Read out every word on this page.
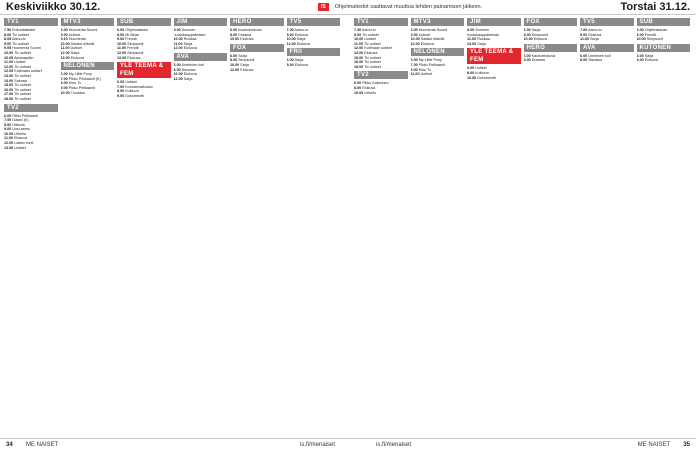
Keskiviikko 30.12.	IS	Ohjelmatiedot saattavat muuttua lehden painamisen jälkeen.	Torstai 31.12.
TV1
7.50 Erikoislääkärit
8.00 Tiv uutiset
8.05 Aamu-tv
9.00 Tiv uutiset
9.05 Huomenta Suomi
10.00 Tiv uutiset
10.05 Aamusydän
11.00 Uutiset
12.00 Tiv uutiset
12.05 Kotimaan uutiset
13.00 Tiv uutiset
14.00 Saimaa
15.00 Tiv uutiset
16.00 Tiv uutiset
17.00 Tiv uutiset
18.00 Tiv uutiset
TV2
6.00 Piikki Pelikaanit
7.00 Galaxi (K)
8.00 Historia
9.00 Uusi aamu
10.00 Urheilu
11.00 Elokuva
12.00 Lasten tunti
13.00 Uutiset
MTV3
6.00 Huomenta Suomi
9.00 Uutiset
9.10 Huomenta
10.00 Salatut elämät
11.00 Uutiset
12.00 Sarja
13.00 Elokuva
NELONEN
6.00 My Little Pony
7.00 Pikku Pelikaanit (K)
8.00 Kino Tv
9.00 Pikku Pelikaanit
10.00 Tuoddus
SUB
6.00 Ohjelmatauko
8.00 Mr Bean
9.00 Frendit
10.00 Simpsonit
11.00 Frendit
12.00 Simpsonit
13.00 Elokuva
YLE TEEMA & FEM
6.00 Uutiset
7.00 Kunnanvaltuusto
8.00 Kulttuuri
9.00 Dokumentti
JIM
9.00 Suomen huutokauppakeisari
10.00 Ruokaa
11.00 Sarja
12.00 Elokuva
AVA
6.00 Unelmien koti
8.00 Sisustus
10.00 Elokuva
12.00 Sarja
HERO
6.00 Kauhuelokuva
8.00 Draama
10.00 Elokuva
FOX
6.00 Sarja
8.00 Simpsonit
10.00 Sarja
12.00 Elokuva
TV5
7.00 Aamu-tv
8.00 Elokuva
10.00 Sarja
12.00 Elokuva
FRII
6.00 Sarja
8.00 Elokuva
TV1
7.30 Aamu-tv
9.00 Tiv uutiset
10.00 Uutiset
11.00 Tiv uutiset
12.00 Kotimaan uutiset
13.00 Elokuva
15.00 Tiv uutiset
16.00 Tiv uutiset
18.00 Tiv uutiset
TV2
6.00 Pikku Kakkonen
8.00 Elokuva
10.00 Urheilu
MTV3
6.00 Huomenta Suomi
9.00 Uutiset
10.00 Salatut elämät
12.00 Elokuva
NELONEN
6.00 My Little Pony
7.00 Pikku Pelikaanit
9.00 Kino Tv
11.00 Uutiset
JIM
9.00 Suomen huutokauppakeisari
11.00 Ruokaa
13.00 Sarja
YLE TEEMA & FEM
6.00 Uutiset
8.00 Kulttuuri
10.00 Dokumentti
FOX
6.00 Sarja
8.00 Simpsonit
10.00 Elokuva
HERO
6.00 Kauhuelokuva
9.00 Draama
TV5
7.00 Aamu-tv
9.00 Elokuva
11.00 Sarja
AVA
6.00 Unelmien koti
8.00 Sisustus
SUB
6.00 Ohjelmatauko
8.00 Frendit
10.00 Simpsonit
KUTONEN
6.00 Sarja
8.00 Elokuva
34 ME NAISET	is.fi/menaiset	is.fi/menaiset	ME NAISET 35
